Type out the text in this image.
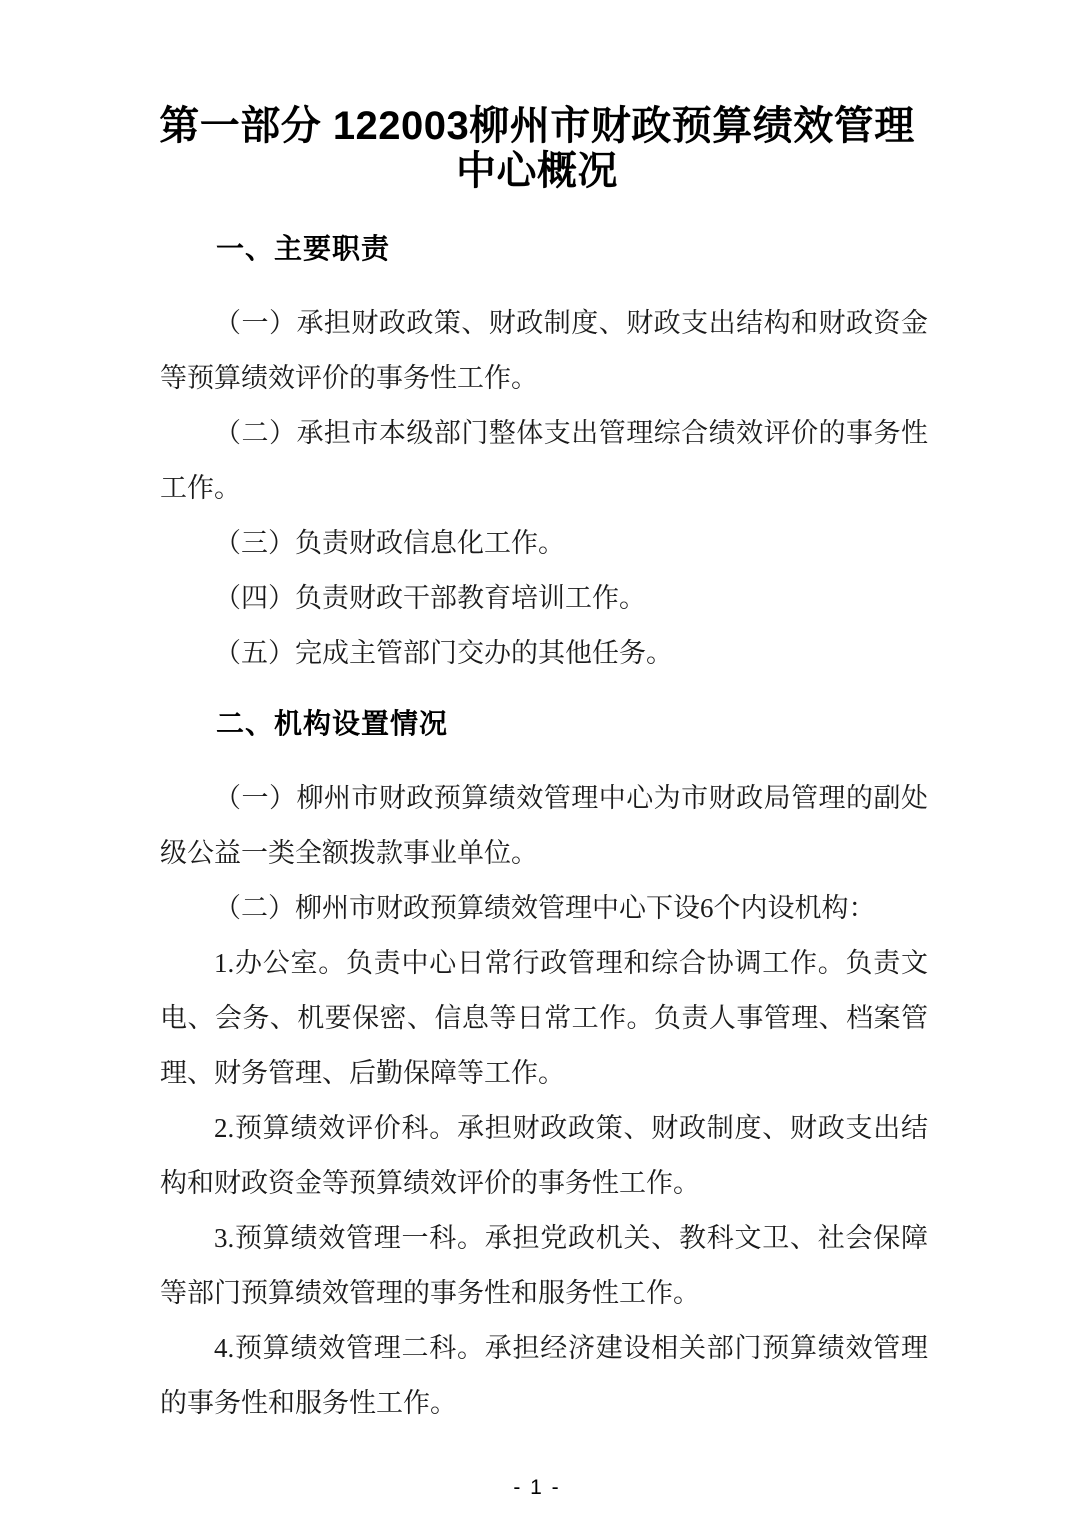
第一部分 122003柳州市财政预算绩效管理
中心概况
一、主要职责

（一）承担财政政策、财政制度、财政支出结构和财政资金等预算绩效评价的事务性工作。

（二）承担市本级部门整体支出管理综合绩效评价的事务性工作。

（三）负责财政信息化工作。

（四）负责财政干部教育培训工作。

（五）完成主管部门交办的其他任务。

二、机构设置情况

（一）柳州市财政预算绩效管理中心为市财政局管理的副处级公益一类全额拨款事业单位。

（二）柳州市财政预算绩效管理中心下设6个内设机构：

1.办公室。负责中心日常行政管理和综合协调工作。负责文电、会务、机要保密、信息等日常工作。负责人事管理、档案管理、财务管理、后勤保障等工作。

2.预算绩效评价科。承担财政政策、财政制度、财政支出结构和财政资金等预算绩效评价的事务性工作。

3.预算绩效管理一科。承担党政机关、教科文卫、社会保障等部门预算绩效管理的事务性和服务性工作。

4.预算绩效管理二科。承担经济建设相关部门预算绩效管理的事务性和服务性工作。

- 1 -
